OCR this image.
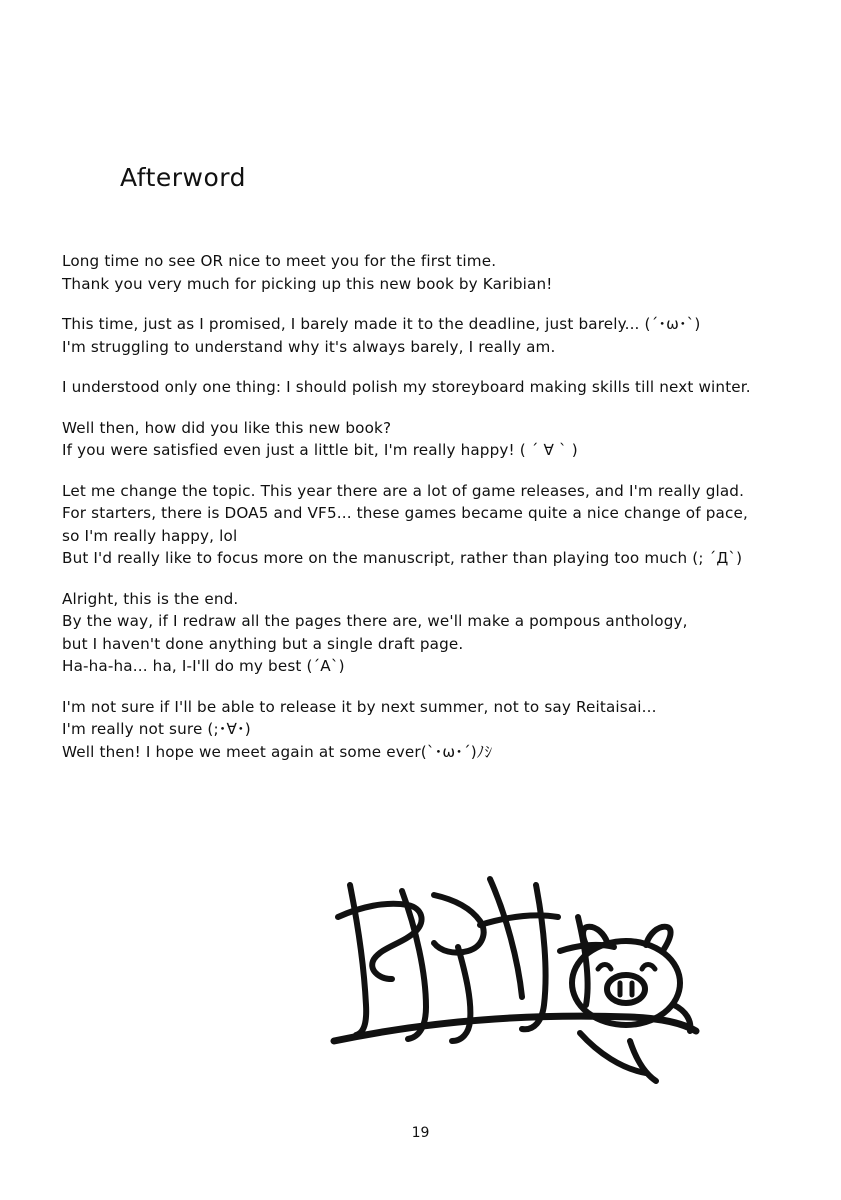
Afterword

Long time no see OR nice to meet you for the first time.
Thank you very much for picking up this new book by Karibian!

This time, just as I promised, I barely made it to the deadline, just barely... (´･ω･`)
I'm struggling to understand why it's always barely, I really am.

I understood only one thing: I should polish my storeyboard making skills till next winter.

Well then, how did you like this new book?
If you were satisfied even just a little bit, I'm really happy! ( ´ ∀ ` )

Let me change the topic. This year there are a lot of game releases, and I'm really glad.
For starters, there is DOA5 and VF5... these games became quite a nice change of pace,
so I'm really happy, lol
But I'd really like to focus more on the manuscript, rather than playing too much (; ´Д`)

Alright, this is the end.
By the way, if I redraw all the pages there are, we'll make a pompous anthology,
but I haven't done anything but a single draft page.
Ha-ha-ha... ha, I-I'll do my best (´A`)

I'm not sure if I'll be able to release it by next summer, not to say Reitaisai...
I'm really not sure (;･∀･)
Well then! I hope we meet again at some ever(`･ω･´)ﾉｼ

19
